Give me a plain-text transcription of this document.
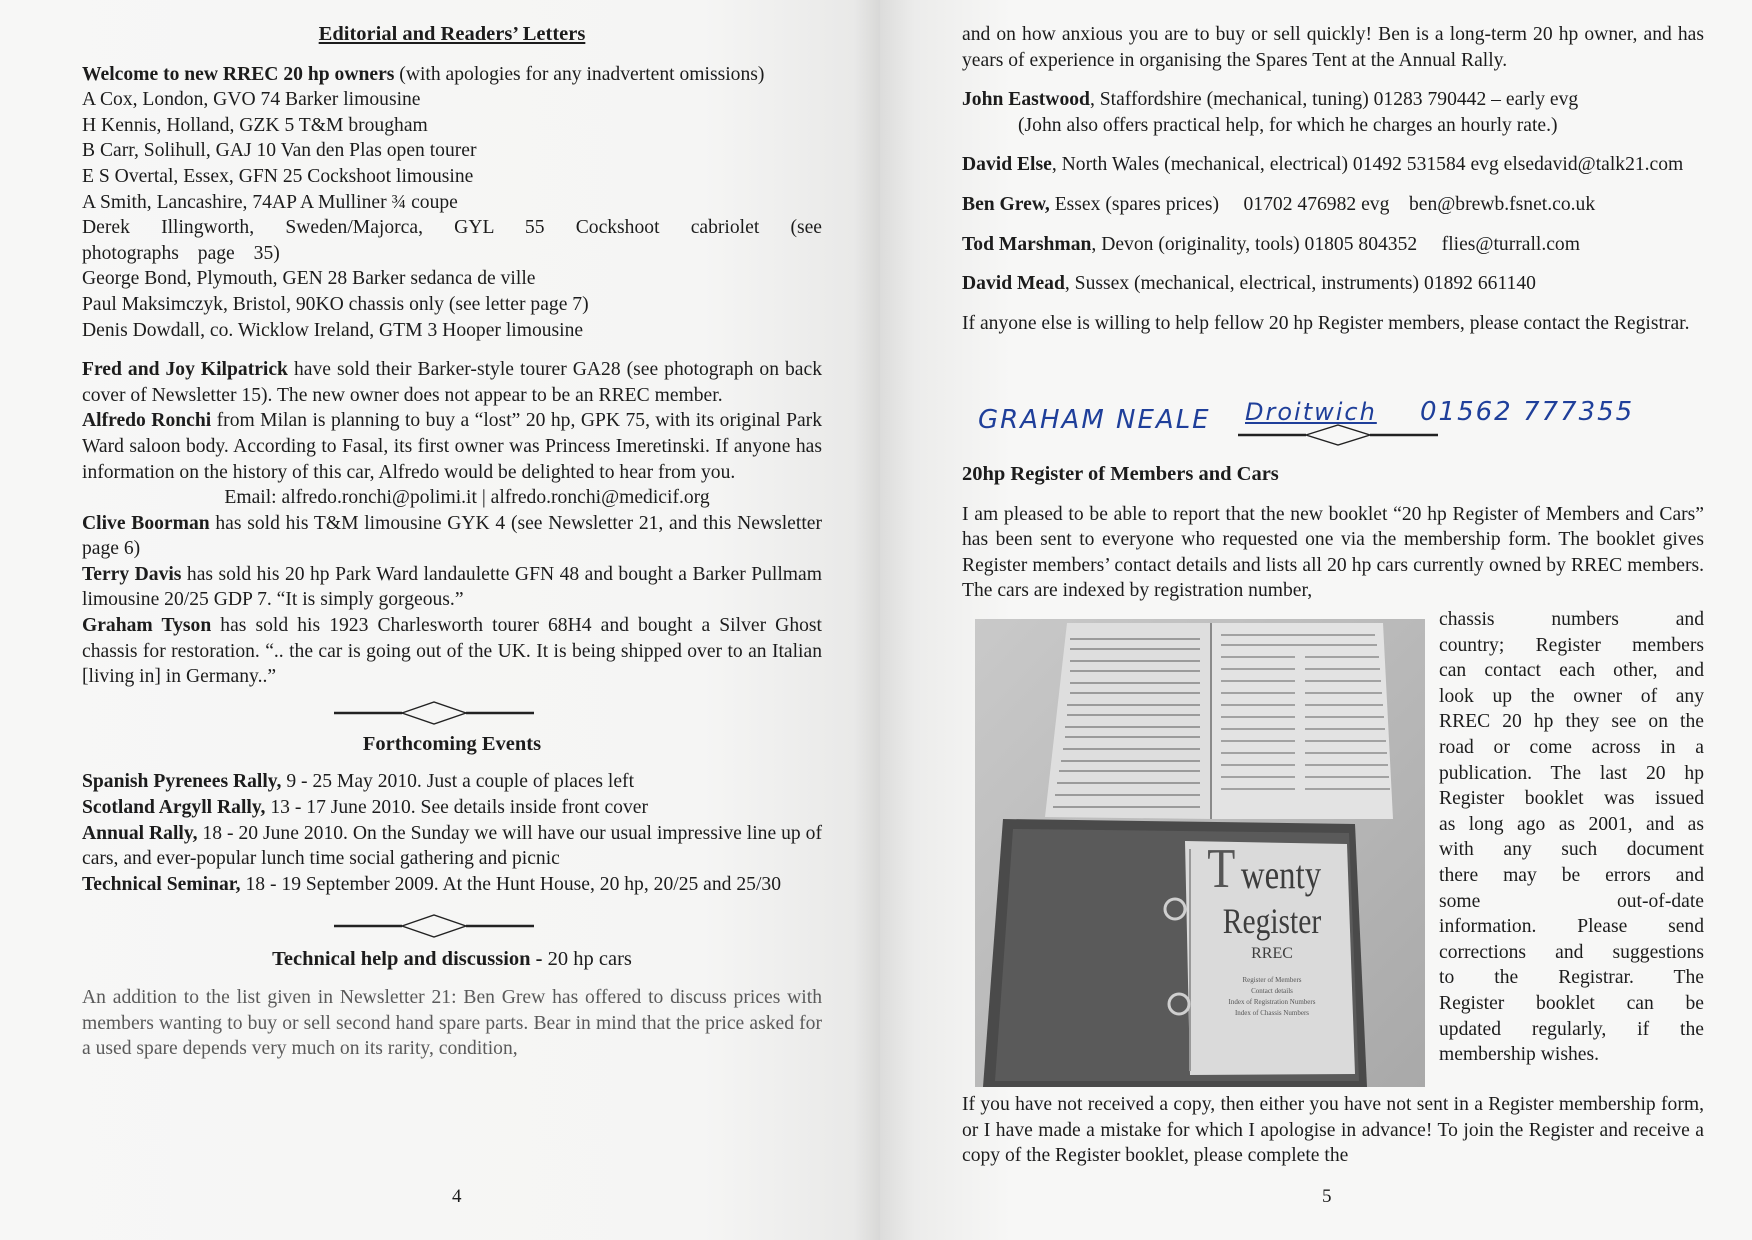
Editorial and Readers’ Letters

Welcome to new RREC 20 hp owners (with apologies for any inadvertent omissions)

A Cox, London, GVO 74 Barker limousine

H Kennis, Holland, GZK 5 T&M brougham

B Carr, Solihull, GAJ 10 Van den Plas open tourer

E S Overtal, Essex, GFN 25 Cockshoot limousine

A Smith, Lancashire, 74AP A Mulliner ¾ coupe

Derek Illingworth, Sweden/Majorca, GYL 55 Cockshoot cabriolet (see photographs page 35)

George Bond, Plymouth, GEN 28 Barker sedanca de ville

Paul Maksimczyk, Bristol, 90KO chassis only (see letter page 7)

Denis Dowdall, co. Wicklow Ireland, GTM 3 Hooper limousine

Fred and Joy Kilpatrick have sold their Barker-style tourer GA28 (see photograph on back cover of Newsletter 15). The new owner does not appear to be an RREC member.

Alfredo Ronchi from Milan is planning to buy a “lost” 20 hp, GPK 75, with its original Park Ward saloon body. According to Fasal, its first owner was Princess Imeretinski. If anyone has information on the history of this car, Alfredo would be delighted to hear from you.

Email: alfredo.ronchi@polimi.it | alfredo.ronchi@medicif.org

Clive Boorman has sold his T&M limousine GYK 4 (see Newsletter 21, and this Newsletter page 6)

Terry Davis has sold his 20 hp Park Ward landaulette GFN 48 and bought a Barker Pullmam limousine 20/25 GDP 7. “It is simply gorgeous.”

Graham Tyson has sold his 1923 Charlesworth tourer 68H4 and bought a Silver Ghost chassis for restoration. “.. the car is going out of the UK. It is being shipped over to an Italian [living in] in Germany..”

Forthcoming Events

Spanish Pyrenees Rally, 9 - 25 May 2010. Just a couple of places left

Scotland Argyll Rally, 13 - 17 June 2010. See details inside front cover

Annual Rally, 18 - 20 June 2010. On the Sunday we will have our usual impressive line up of cars, and ever-popular lunch time social gathering and picnic

Technical Seminar, 18 - 19 September 2009. At the Hunt House, 20 hp, 20/25 and 25/30

Technical help and discussion - 20 hp cars

An addition to the list given in Newsletter 21: Ben Grew has offered to discuss prices with members wanting to buy or sell second hand spare parts. Bear in mind that the price asked for a used spare depends very much on its rarity, condition,

4

and on how anxious you are to buy or sell quickly! Ben is a long-term 20 hp owner, and has years of experience in organising the Spares Tent at the Annual Rally.

John Eastwood, Staffordshire (mechanical, tuning) 01283 790442 – early evg

(John also offers practical help, for which he charges an hourly rate.)

David Else, North Wales (mechanical, electrical) 01492 531584 evg elsedavid@talk21.com

Ben Grew, Essex (spares prices)     01702 476982 evg    ben@brewb.fsnet.co.uk

Tod Marshman, Devon (originality, tools) 01805 804352     flies@turrall.com

David Mead, Sussex (mechanical, electrical, instruments) 01892 661140

If anyone else is willing to help fellow 20 hp Register members, please contact the Registrar.

GRAHAM NEALE Droitwich 01562 777355

20hp Register of Members and Cars

I am pleased to be able to report that the new booklet “20 hp Register of Members and Cars” has been sent to everyone who requested one via the membership form. The booklet gives Register members’ contact details and lists all 20 hp cars currently owned by RREC members. The cars are indexed by registration number,

T wenty
Register
RREC
Register of Members
Contact details
Index of Registration Numbers
Index of Chassis Numbers

chassis numbers and

country; Register members

can contact each other, and

look up the owner of any

RREC 20 hp they see on the

road or come across in a

publication. The last 20 hp

Register booklet was issued

as long ago as 2001, and as

with any such document

there may be errors and

some out-of-date

information. Please send

corrections and suggestions

to the Registrar. The

Register booklet can be

updated regularly, if the

membership wishes.

If you have not received a copy, then either you have not sent in a Register membership form, or I have made a mistake for which I apologise in advance! To join the Register and receive a copy of the Register booklet, please complete the

5
